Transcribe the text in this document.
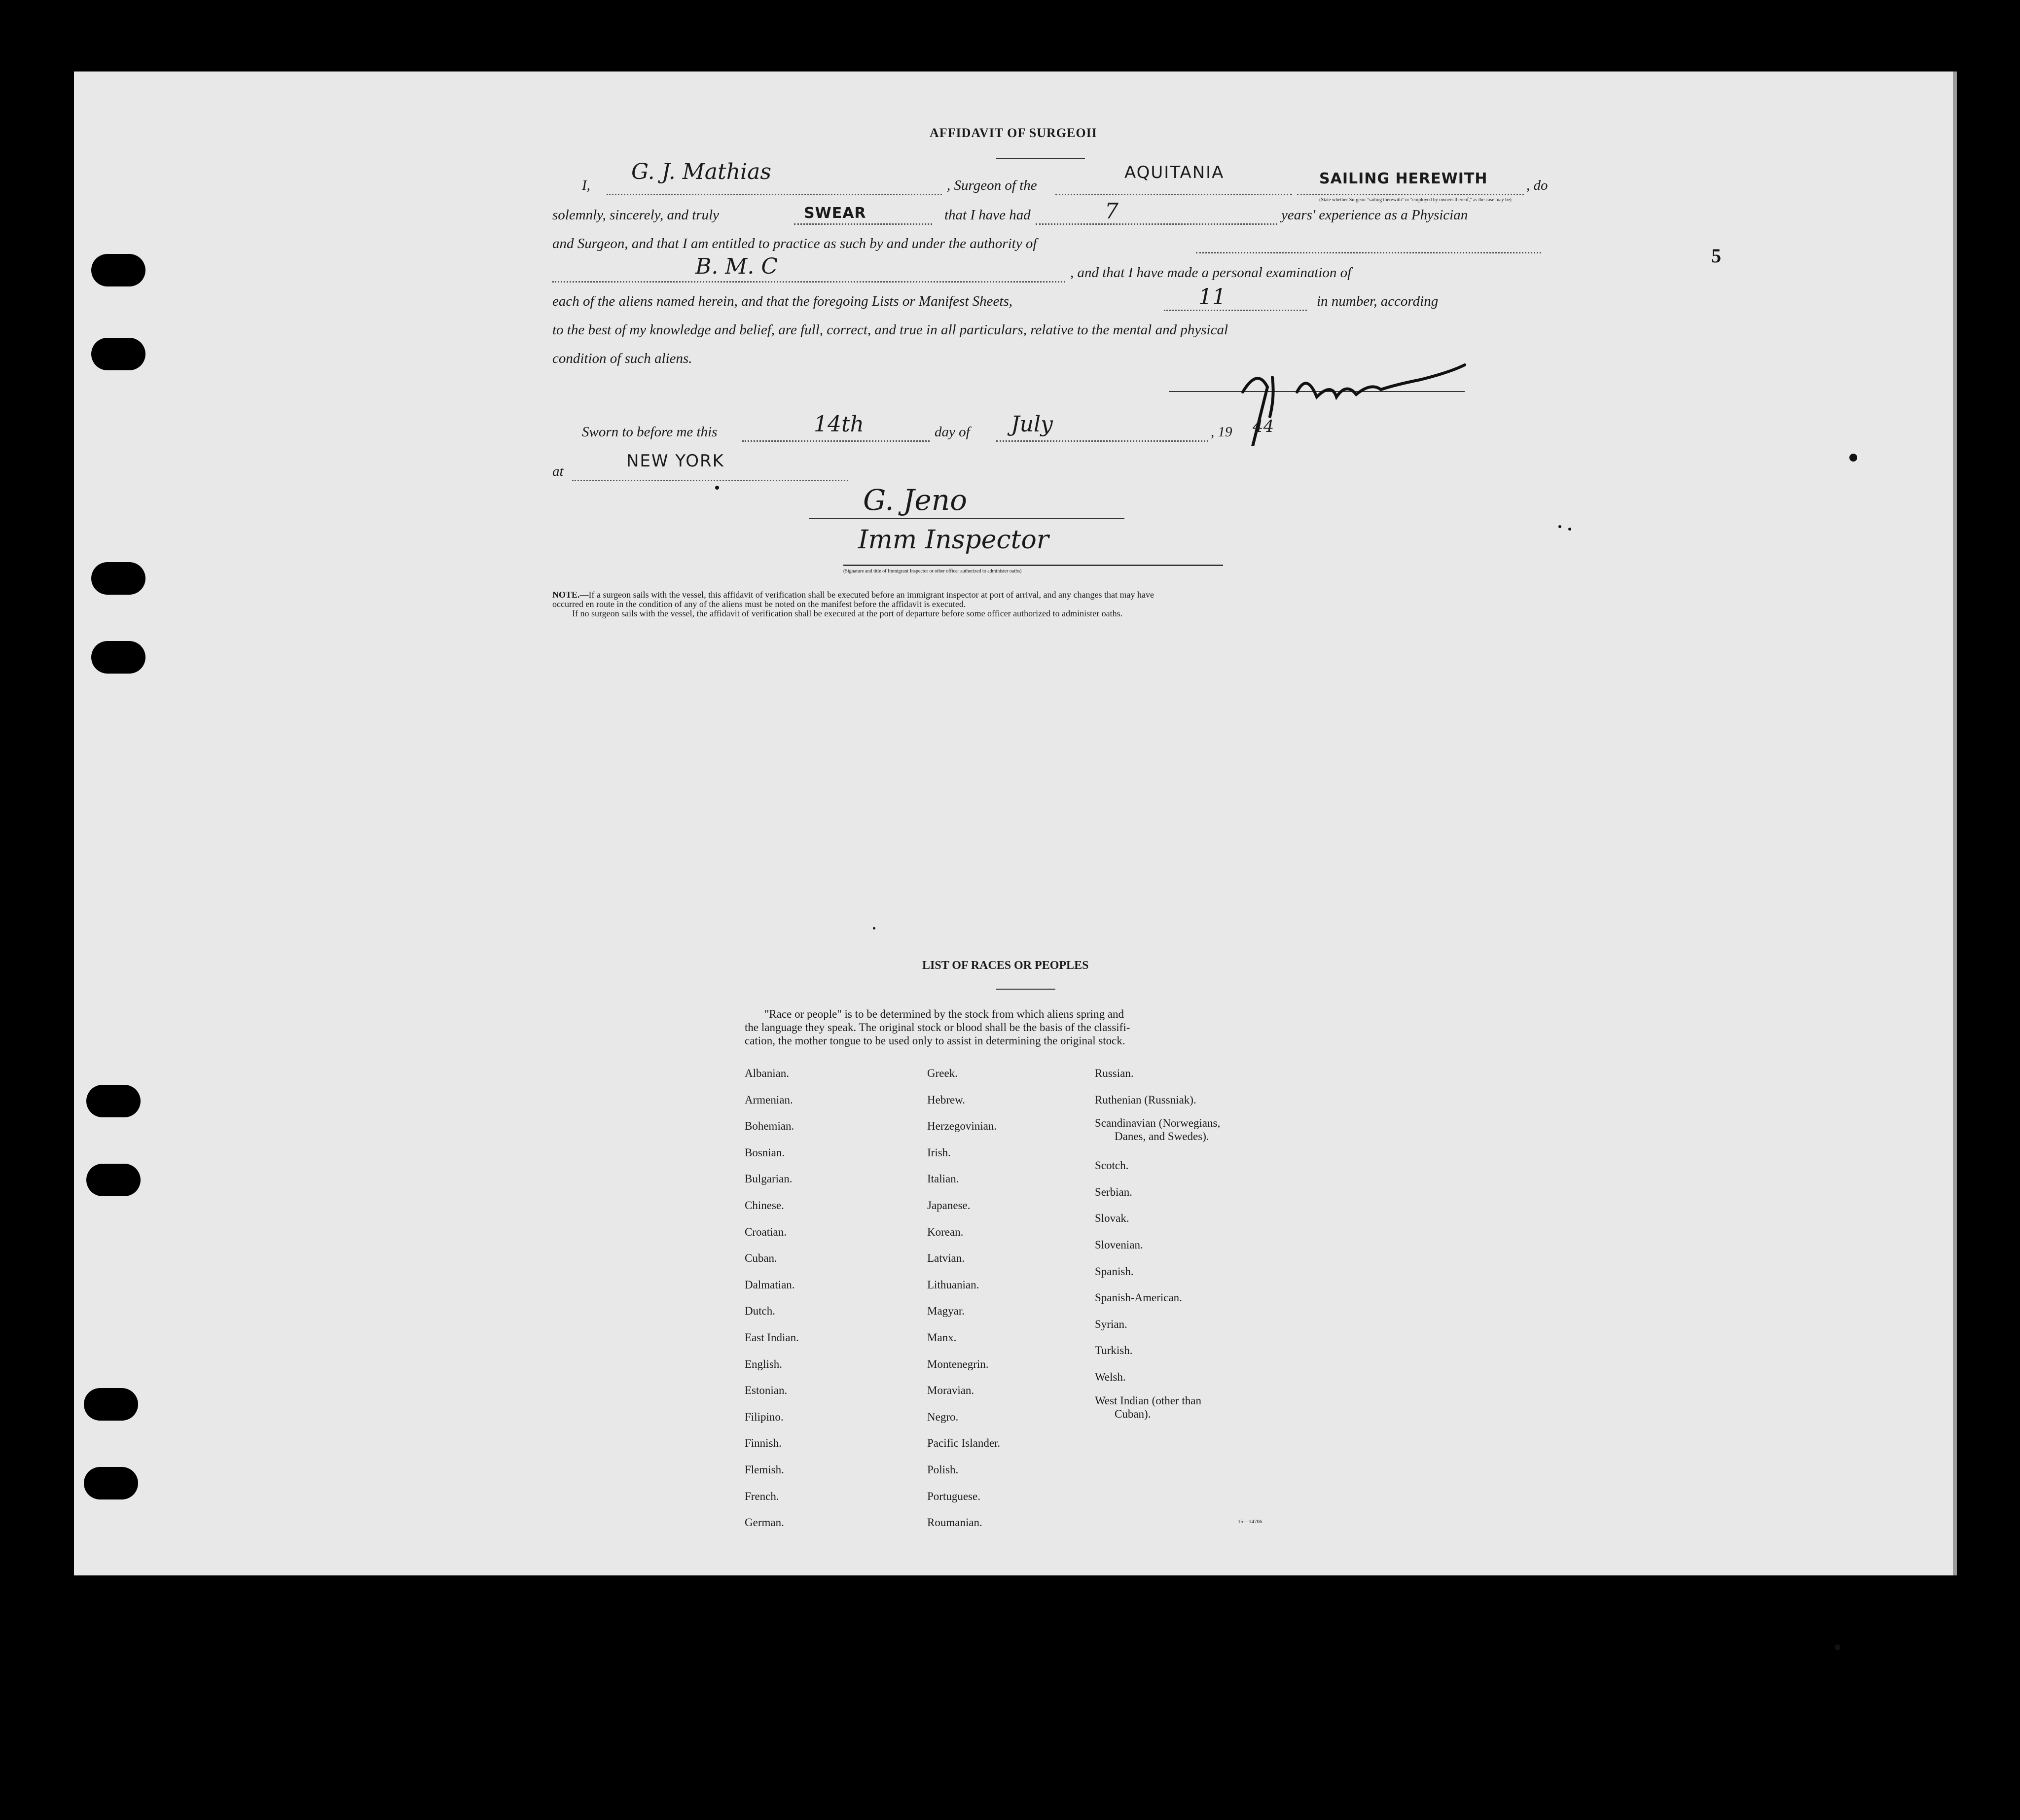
5
AFFIDAVIT OF SURGEOII
I,
G. J. Mathias
, Surgeon of the
AQUITANIA	SAILING HEREWITH	, do
(State whether Surgeon "sailing therewith" or "employed by owners thereof," as the case may be)
solemnly, sincerely, and truly	SWEAR	that I have had	7	years' experience as a Physician
and Surgeon, and that I am entitled to practice as such by and under the authority of
B. M. C	, and that I have made a personal examination of
each of the aliens named herein, and that the foregoing Lists or Manifest Sheets,	11	in number, according
to the best of my knowledge and belief, are full, correct, and true in all particulars, relative to the mental and physical
condition of such aliens.
Sworn to before me this	14th	day of July	, 19 44
at
NEW YORK
G. Jeno
Imm Inspector
(Signature and title of Immigrant Inspector or other officer authorized to administer oaths)
NOTE.—If a surgeon sails with the vessel, this affidavit of verification shall be executed before an immigrant inspector at port of arrival, and any changes that may have
occurred en route in the condition of any of the aliens must be noted on the manifest before the affidavit is executed.
If no surgeon sails with the vessel, the affidavit of verification shall be executed at the port of departure before some officer authorized to administer oaths.
LIST OF RACES OR PEOPLES
"Race or people" is to be determined by the stock from which aliens spring and
the language they speak. The original stock or blood shall be the basis of the classifi-
cation, the mother tongue to be used only to assist in determining the original stock.
Albanian.
Armenian.
Bohemian.
Bosnian.
Bulgarian.
Chinese.
Croatian.
Cuban.
Dalmatian.
Dutch.
East Indian.
English.
Estonian.
Filipino.
Finnish.
Flemish.
French.
German.
Greek.
Hebrew.
Herzegovinian.
Irish.
Italian.
Japanese.
Korean.
Latvian.
Lithuanian.
Magyar.
Manx.
Montenegrin.
Moravian.
Negro.
Pacific Islander.
Polish.
Portuguese.
Roumanian.
Russian.
Ruthenian (Russniak).
Scandinavian (Norwegians,
Danes, and Swedes).
Scotch.
Serbian.
Slovak.
Slovenian.
Spanish.
Spanish-American.
Syrian.
Turkish.
Welsh.
West Indian (other than
Cuban).
15—14706
